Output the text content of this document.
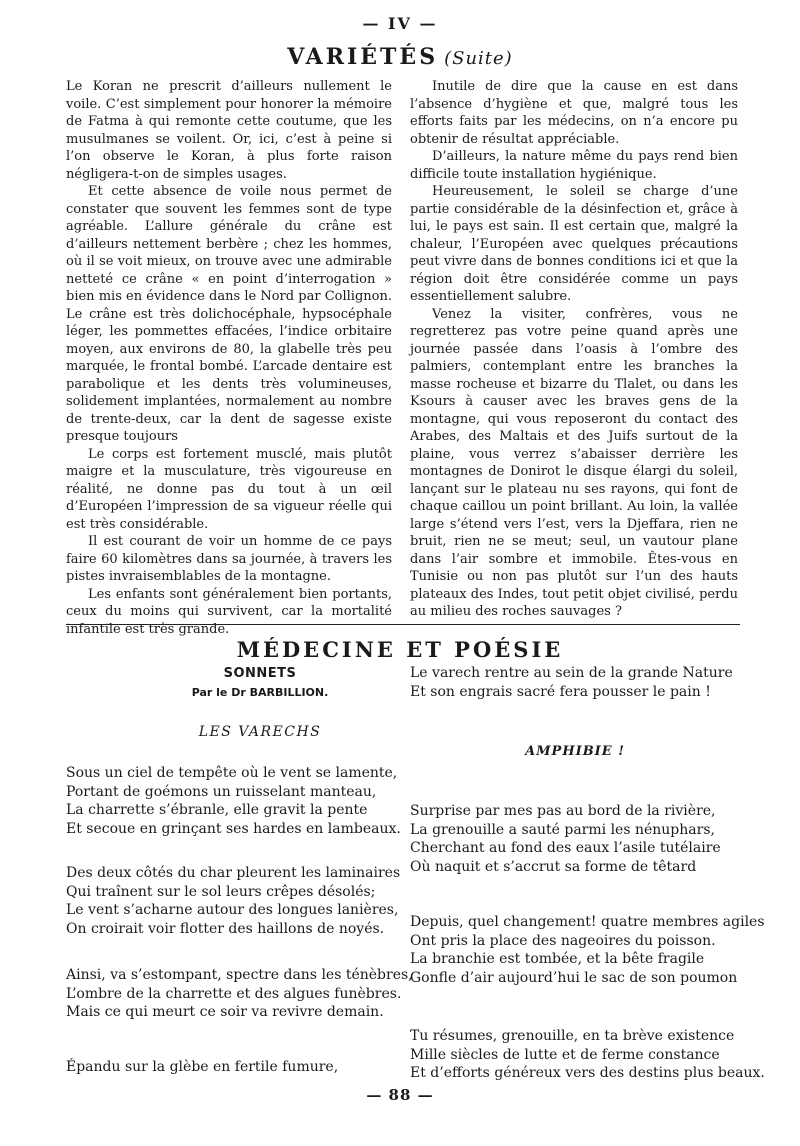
— IV —
VARIÉTÉS (Suite)

Le Koran ne prescrit d’ailleurs nullement le voile. C’est simplement pour honorer la mémoire de Fatma à qui remonte cette coutume, que les musulmanes se voilent. Or, ici, c’est à peine si l’on observe le Koran, à plus forte raison négligera-t-on de simples usages.

Et cette absence de voile nous permet de constater que souvent les femmes sont de type agréable. L’allure générale du crâne est d’ailleurs nettement berbère ; chez les hommes, où il se voit mieux, on trouve avec une admirable netteté ce crâne « en point d’interrogation » bien mis en évidence dans le Nord par Collignon. Le crâne est très dolichocéphale, hypsocéphale léger, les pommettes effacées, l’indice orbitaire moyen, aux environs de 80, la glabelle très peu marquée, le frontal bombé. L’arcade dentaire est parabolique et les dents très volumineuses, solidement implantées, normalement au nombre de trente-deux, car la dent de sagesse existe presque toujours

Le corps est fortement musclé, mais plutôt maigre et la musculature, très vigoureuse en réalité, ne donne pas du tout à un œil d’Européen l’impression de sa vigueur réelle qui est très considérable.

Il est courant de voir un homme de ce pays faire 60 kilomètres dans sa journée, à travers les pistes invraisemblables de la montagne.

Les enfants sont généralement bien portants, ceux du moins qui survivent, car la mortalité infantile est très grande.

Inutile de dire que la cause en est dans l’absence d’hygiène et que, malgré tous les efforts faits par les médecins, on n’a encore pu obtenir de résultat appréciable.

D’ailleurs, la nature même du pays rend bien difficile toute installation hygiénique.

Heureusement, le soleil se charge d’une partie considérable de la désinfection et, grâce à lui, le pays est sain. Il est certain que, malgré la chaleur, l’Européen avec quelques précautions peut vivre dans de bonnes conditions ici et que la région doit être considérée comme un pays essentiellement salubre.

Venez la visiter, confrères, vous ne regretterez pas votre peine quand après une journée passée dans l’oasis à l’ombre des palmiers, contemplant entre les branches la masse rocheuse et bizarre du Tlalet, ou dans les Ksours à causer avec les braves gens de la montagne, qui vous reposeront du contact des Arabes, des Maltais et des Juifs surtout de la plaine, vous verrez s’abaisser derrière les montagnes de Donirot le disque élargi du soleil, lançant sur le plateau nu ses rayons, qui font de chaque caillou un point brillant. Au loin, la vallée large s’étend vers l’est, vers la Djeffara, rien ne bruit, rien ne se meut; seul, un vautour plane dans l’air sombre et immobile. Êtes-vous en Tunisie ou non pas plutôt sur l’un des hauts plateaux des Indes, tout petit objet civilisé, perdu au milieu des roches sauvages ?

MÉDECINE ET POÉSIE
SONNETS
Par le Dr BARBILLION.
LES VARECHS
Sous un ciel de tempête où le vent se lamente,
Portant de goémons un ruisselant manteau,
La charrette s’ébranle, elle gravit la pente
Et secoue en grinçant ses hardes en lambeaux.
Des deux côtés du char pleurent les laminaires
Qui traînent sur le sol leurs crêpes désolés;
Le vent s’acharne autour des longues lanières,
On croirait voir flotter des haillons de noyés.
Ainsi, va s’estompant, spectre dans les ténèbres,
L’ombre de la charrette et des algues funèbres.
Mais ce qui meurt ce soir va revivre demain.
Épandu sur la glèbe en fertile fumure,
Le varech rentre au sein de la grande Nature
Et son engrais sacré fera pousser le pain !
AMPHIBIE !
Surprise par mes pas au bord de la rivière,
La grenouille a sauté parmi les nénuphars,
Cherchant au fond des eaux l’asile tutélaire
Où naquit et s’accrut sa forme de têtard
Depuis, quel changement! quatre membres agiles
Ont pris la place des nageoires du poisson.
La branchie est tombée, et la bête fragile
Gonfle d’air aujourd’hui le sac de son poumon
Tu résumes, grenouille, en ta brève existence
Mille siècles de lutte et de ferme constance
Et d’efforts généreux vers des destins plus beaux.
— 88 —
